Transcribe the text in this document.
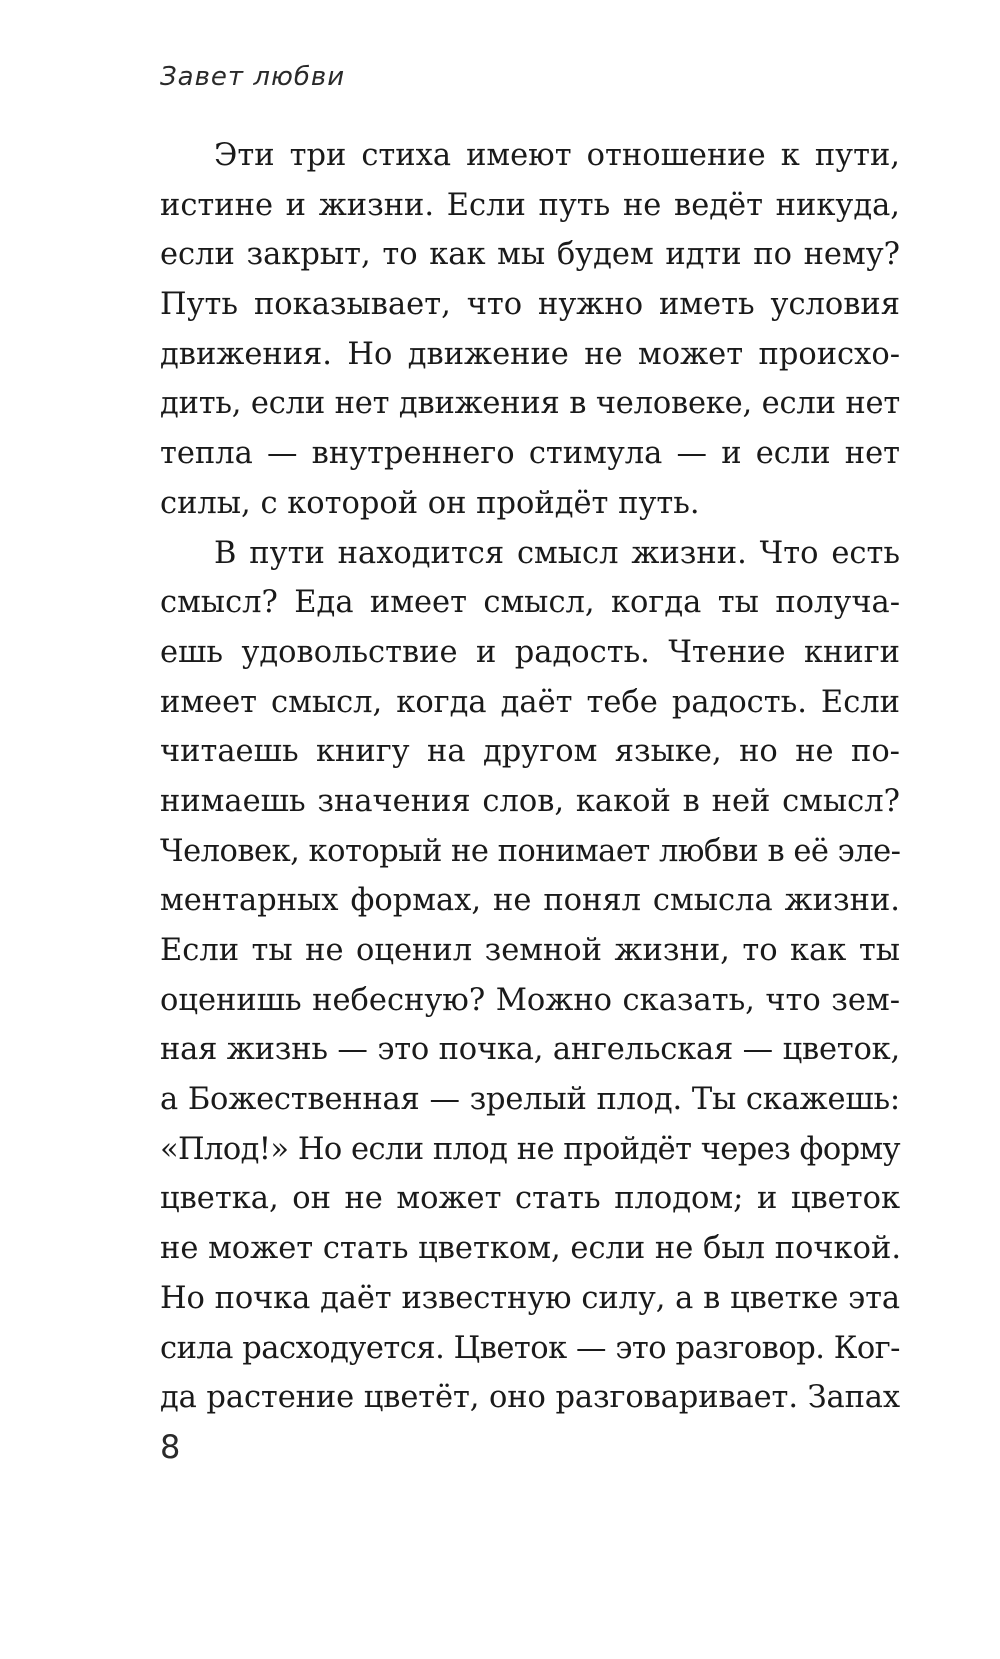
Завет любви
Эти три стиха имеют отношение к пути,
истине и жизни. Если путь не ведёт никуда,
если закрыт, то как мы будем идти по нему?
Путь показывает, что нужно иметь условия
движения. Но движение не может происхо-
дить, если нет движения в человеке, если нет
тепла — внутреннего стимула — и если нет
силы, с которой он пройдёт путь.
В пути находится смысл жизни. Что есть
смысл? Еда имеет смысл, когда ты получа-
ешь удовольствие и радость. Чтение книги
имеет смысл, когда даёт тебе радость. Если
читаешь книгу на другом языке, но не по-
нимаешь значения слов, какой в ней смысл?
Человек, который не понимает любви в её эле-
ментарных формах, не понял смысла жизни.
Если ты не оценил земной жизни, то как ты
оценишь небесную? Можно сказать, что зем-
ная жизнь — это почка, ангельская — цветок,
а Божественная — зрелый плод. Ты скажешь:
«Плод!» Но если плод не пройдёт через форму
цветка, он не может стать плодом; и цветок
не может стать цветком, если не был почкой.
Но почка даёт известную силу, а в цветке эта
сила расходуется. Цветок — это разговор. Ког-
да растение цветёт, оно разговаривает. Запах
8
